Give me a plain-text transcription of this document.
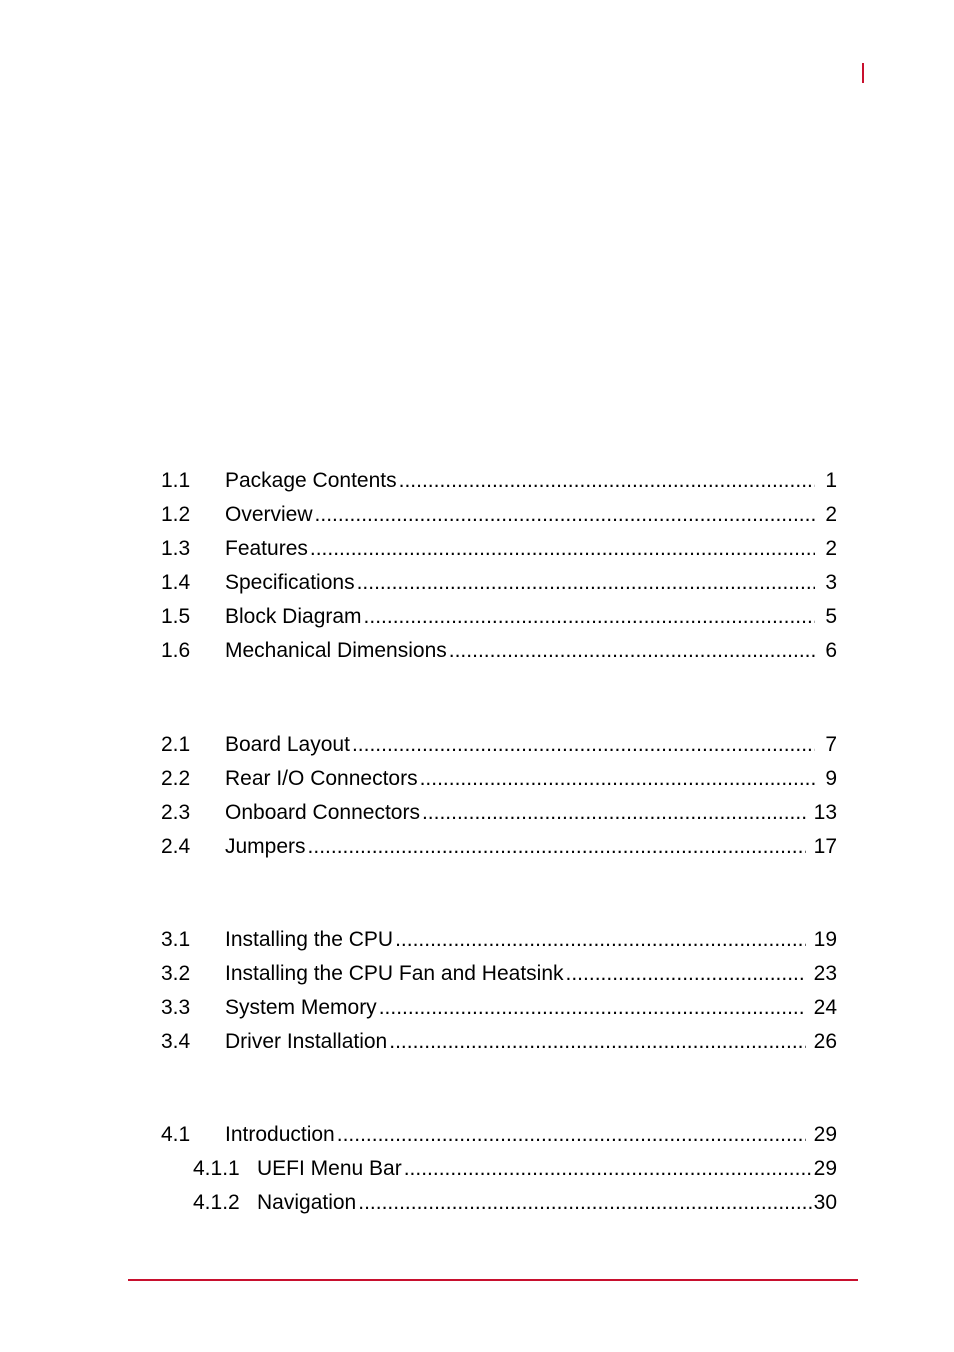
1.1 Package Contents .....	1
1.2 Overview .....	2
1.3 Features .....	2
1.4 Specifications .....	3
1.5 Block Diagram .....	5
1.6 Mechanical Dimensions .....	6
2.1 Board Layout .....	7
2.2 Rear I/O Connectors .....	9
2.3 Onboard Connectors .....	13
2.4 Jumpers .....	17
3.1 Installing the CPU .....	19
3.2 Installing the CPU Fan and Heatsink .....	23
3.3 System Memory .....	24
3.4 Driver Installation .....	26
4.1 Introduction .....	29
4.1.1 UEFI Menu Bar .....	29
4.1.2 Navigation .....	30
